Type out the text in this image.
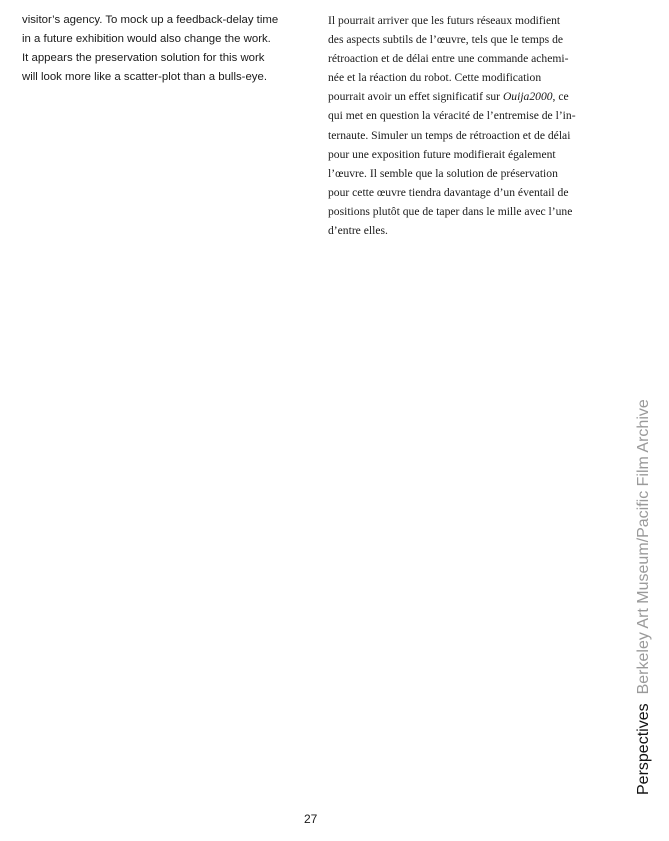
visitor’s agency. To mock up a feedback-delay time
in a future exhibition would also change the work.
It appears the preservation solution for this work
will look more like a scatter-plot than a bulls-eye.
Il pourrait arriver que les futurs réseaux modifient
des aspects subtils de l’œuvre, tels que le temps de
rétroaction et de délai entre une commande achemi-
née et la réaction du robot. Cette modification
pourrait avoir un effet significatif sur Ouija2000, ce
qui met en question la véracité de l’entremise de l’in-
ternaute. Simuler un temps de rétroaction et de délai
pour une exposition future modifierait également
l’œuvre. Il semble que la solution de préservation
pour cette œuvre tiendra davantage d’un éventail de
positions plutôt que de taper dans le mille avec l’une
d’entre elles.
PerspectivesBerkeley Art Museum/Pacific Film Archive
27
